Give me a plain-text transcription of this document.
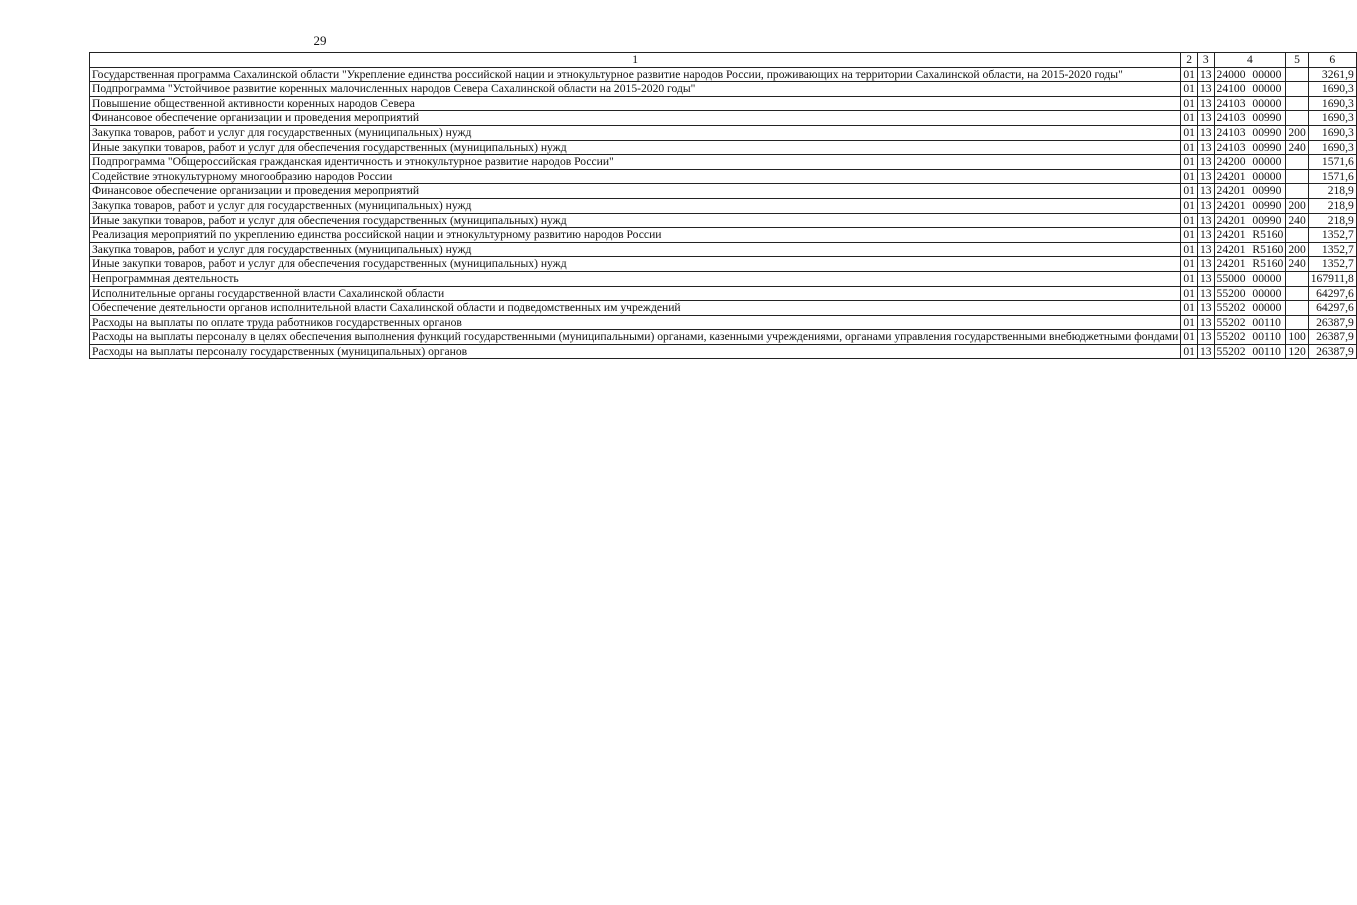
29
1	2	3	4	5	6
Государственная программа Сахалинской области "Укрепление единства российской нации и этнокультурное развитие народов России, проживающих на территории Сахалинской области, на 2015-2020 годы"	01	13	24000 00000		3261,9
Подпрограмма "Устойчивое развитие коренных малочисленных народов Севера Сахалинской области на 2015-2020 годы"	01	13	24100 00000		1690,3
Повышение общественной активности коренных народов Севера	01	13	24103 00000		1690,3
Финансовое обеспечение организации и проведения мероприятий	01	13	24103 00990		1690,3
Закупка товаров, работ и услуг для государственных (муниципальных) нужд	01	13	24103 00990	200	1690,3
Иные закупки товаров, работ и услуг для обеспечения государственных (муниципальных) нужд	01	13	24103 00990	240	1690,3
Подпрограмма "Общероссийская гражданская идентичность и этнокультурное развитие народов России"	01	13	24200 00000		1571,6
Содействие этнокультурному многообразию народов России	01	13	24201 00000		1571,6
Финансовое обеспечение организации и проведения мероприятий	01	13	24201 00990		218,9
Закупка товаров, работ и услуг для государственных (муниципальных) нужд	01	13	24201 00990	200	218,9
Иные закупки товаров, работ и услуг для обеспечения государственных (муниципальных) нужд	01	13	24201 00990	240	218,9
Реализация мероприятий по укреплению единства российской нации и этнокультурному развитию народов России	01	13	24201 R5160		1352,7
Закупка товаров, работ и услуг для государственных (муниципальных) нужд	01	13	24201 R5160	200	1352,7
Иные закупки товаров, работ и услуг для обеспечения государственных (муниципальных) нужд	01	13	24201 R5160	240	1352,7
Непрограммная деятельность	01	13	55000 00000		167911,8
Исполнительные органы государственной власти Сахалинской области	01	13	55200 00000		64297,6
Обеспечение деятельности органов исполнительной власти Сахалинской области и подведомственных им учреждений	01	13	55202 00000		64297,6
Расходы на выплаты по оплате труда работников государственных органов	01	13	55202 00110		26387,9
Расходы на выплаты персоналу в целях обеспечения выполнения функций государственными (муниципальными) органами, казенными учреждениями, органами управления государственными внебюджетными фондами	01	13	55202 00110	100	26387,9
Расходы на выплаты персоналу государственных (муниципальных) органов	01	13	55202 00110	120	26387,9
